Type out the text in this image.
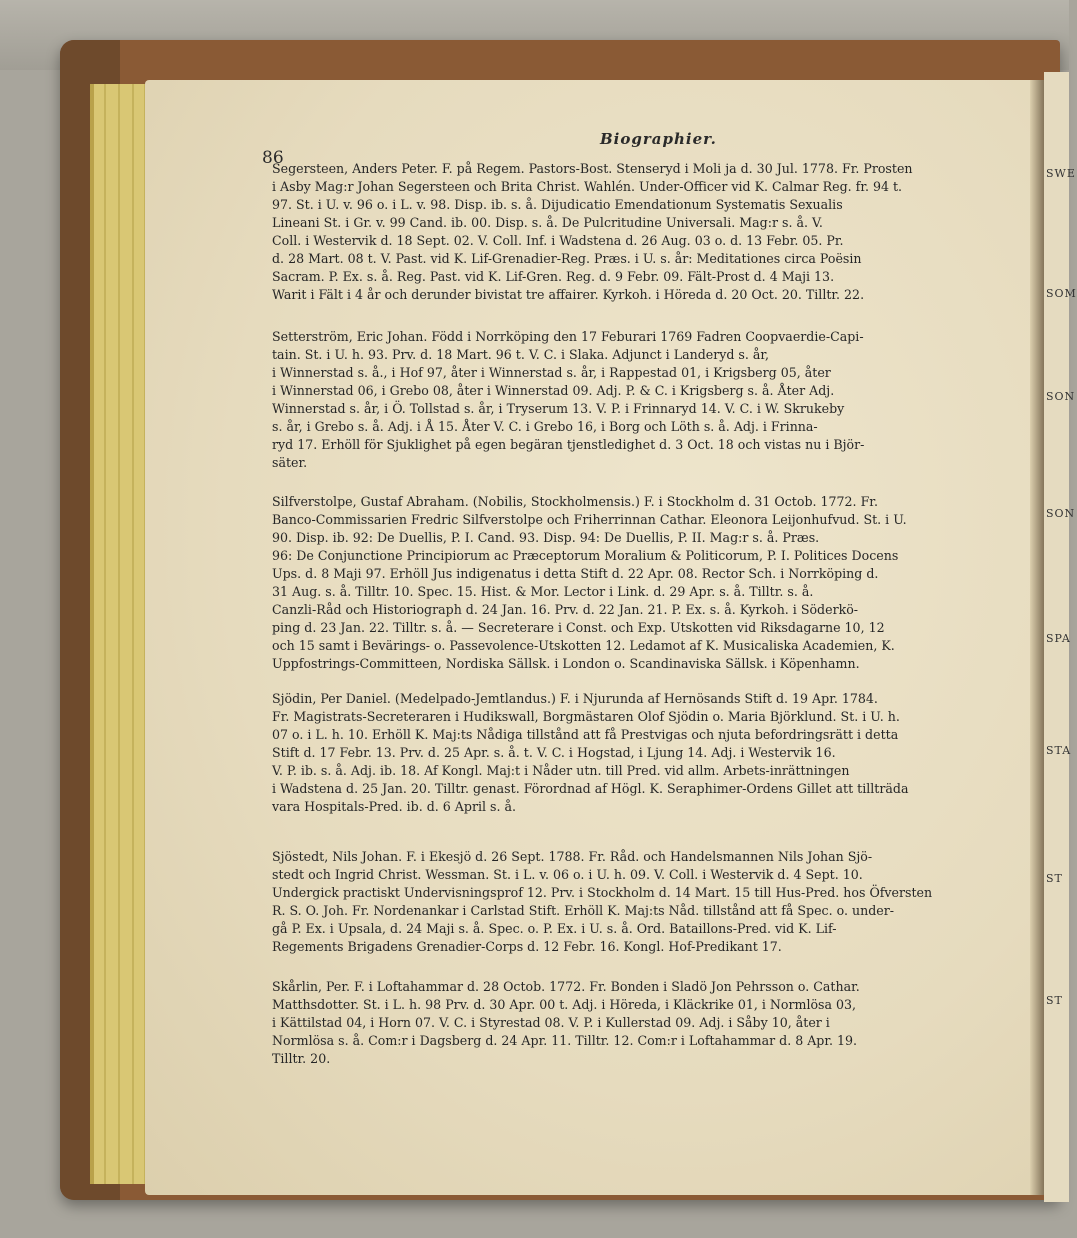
SWE
SOM
SON
SON
SPA
STA
ST
ST
86
Biographier.

Segersteen, Anders Peter. F. på Regem. Pastors-Bost. Stenseryd i Moli ja d. 30 Jul. 1778. Fr. Prosten

i Asby Mag:r Johan Segersteen och Brita Christ. Wahlén. Under-Officer vid K. Calmar Reg. fr. 94 t.

97. St. i U. v. 96 o. i L. v. 98. Disp. ib. s. å. Dijudicatio Emendationum Systematis Sexualis

Lineani St. i Gr. v. 99 Cand. ib. 00. Disp. s. å. De Pulcritudine Universali. Mag:r s. å. V.

Coll. i Westervik d. 18 Sept. 02. V. Coll. Inf. i Wadstena d. 26 Aug. 03 o. d. 13 Febr. 05. Pr.

d. 28 Mart. 08 t. V. Past. vid K. Lif-Grenadier-Reg. Præs. i U. s. år: Meditationes circa Poësin

Sacram. P. Ex. s. å. Reg. Past. vid K. Lif-Gren. Reg. d. 9 Febr. 09. Fält-Prost d. 4 Maji 13.

Warit i Fält i 4 år och derunder bivistat tre affairer. Kyrkoh. i Höreda d. 20 Oct. 20. Tilltr. 22.

Setterström, Eric Johan. Född i Norrköping den 17 Feburari 1769 Fadren Coopvaerdie-Capi-

tain. St. i U. h. 93. Prv. d. 18 Mart. 96 t. V. C. i Slaka. Adjunct i Landeryd s. år,

i Winnerstad s. å., i Hof 97, åter i Winnerstad s. år, i Rappestad 01, i Krigsberg 05, åter

i Winnerstad 06, i Grebo 08, åter i Winnerstad 09. Adj. P. & C. i Krigsberg s. å. Åter Adj.

Winnerstad s. år, i Ö. Tollstad s. år, i Tryserum 13. V. P. i Frinnaryd 14. V. C. i W. Skrukeby

s. år, i Grebo s. å. Adj. i Å 15. Åter V. C. i Grebo 16, i Borg och Löth s. å. Adj. i Frinna-

ryd 17. Erhöll för Sjuklighet på egen begäran tjenstledighet d. 3 Oct. 18 och vistas nu i Björ-

säter.

Silfverstolpe, Gustaf Abraham. (Nobilis, Stockholmensis.) F. i Stockholm d. 31 Octob. 1772. Fr.

Banco-Commissarien Fredric Silfverstolpe och Friherrinnan Cathar. Eleonora Leijonhufvud. St. i U.

90. Disp. ib. 92: De Duellis, P. I. Cand. 93. Disp. 94: De Duellis, P. II. Mag:r s. å. Præs.

96: De Conjunctione Principiorum ac Præceptorum Moralium & Politicorum, P. I. Politices Docens

Ups. d. 8 Maji 97. Erhöll Jus indigenatus i detta Stift d. 22 Apr. 08. Rector Sch. i Norrköping d.

31 Aug. s. å. Tilltr. 10. Spec. 15. Hist. & Mor. Lector i Link. d. 29 Apr. s. å. Tilltr. s. å.

Canzli-Råd och Historiograph d. 24 Jan. 16. Prv. d. 22 Jan. 21. P. Ex. s. å. Kyrkoh. i Söderkö-

ping d. 23 Jan. 22. Tilltr. s. å. — Secreterare i Const. och Exp. Utskotten vid Riksdagarne 10, 12

och 15 samt i Bevärings- o. Passevolence-Utskotten 12. Ledamot af K. Musicaliska Academien, K.

Uppfostrings-Committeen, Nordiska Sällsk. i London o. Scandinaviska Sällsk. i Köpenhamn.

Sjödin, Per Daniel. (Medelpado-Jemtlandus.) F. i Njurunda af Hernösands Stift d. 19 Apr. 1784.

Fr. Magistrats-Secreteraren i Hudikswall, Borgmästaren Olof Sjödin o. Maria Björklund. St. i U. h.

07 o. i L. h. 10. Erhöll K. Maj:ts Nådiga tillstånd att få Prestvigas och njuta befordringsrätt i detta

Stift d. 17 Febr. 13. Prv. d. 25 Apr. s. å. t. V. C. i Hogstad, i Ljung 14. Adj. i Westervik 16.

V. P. ib. s. å. Adj. ib. 18. Af Kongl. Maj:t i Nåder utn. till Pred. vid allm. Arbets-inrättningen

i Wadstena d. 25 Jan. 20. Tilltr. genast. Förordnad af Högl. K. Seraphimer-Ordens Gillet att tillträda

vara Hospitals-Pred. ib. d. 6 April s. å.

Sjöstedt, Nils Johan. F. i Ekesjö d. 26 Sept. 1788. Fr. Råd. och Handelsmannen Nils Johan Sjö-

stedt och Ingrid Christ. Wessman. St. i L. v. 06 o. i U. h. 09. V. Coll. i Westervik d. 4 Sept. 10.

Undergick practiskt Undervisningsprof 12. Prv. i Stockholm d. 14 Mart. 15 till Hus-Pred. hos Öfversten

R. S. O. Joh. Fr. Nordenankar i Carlstad Stift. Erhöll K. Maj:ts Nåd. tillstånd att få Spec. o. under-

gå P. Ex. i Upsala, d. 24 Maji s. å. Spec. o. P. Ex. i U. s. å. Ord. Bataillons-Pred. vid K. Lif-

Regements Brigadens Grenadier-Corps d. 12 Febr. 16. Kongl. Hof-Predikant 17.

Skårlin, Per. F. i Loftahammar d. 28 Octob. 1772. Fr. Bonden i Sladö Jon Pehrsson o. Cathar.

Matthsdotter. St. i L. h. 98 Prv. d. 30 Apr. 00 t. Adj. i Höreda, i Kläckrike 01, i Normlösa 03,

i Kättilstad 04, i Horn 07. V. C. i Styrestad 08. V. P. i Kullerstad 09. Adj. i Såby 10, åter i

Normlösa s. å. Com:r i Dagsberg d. 24 Apr. 11. Tilltr. 12. Com:r i Loftahammar d. 8 Apr. 19.

Tilltr. 20.
